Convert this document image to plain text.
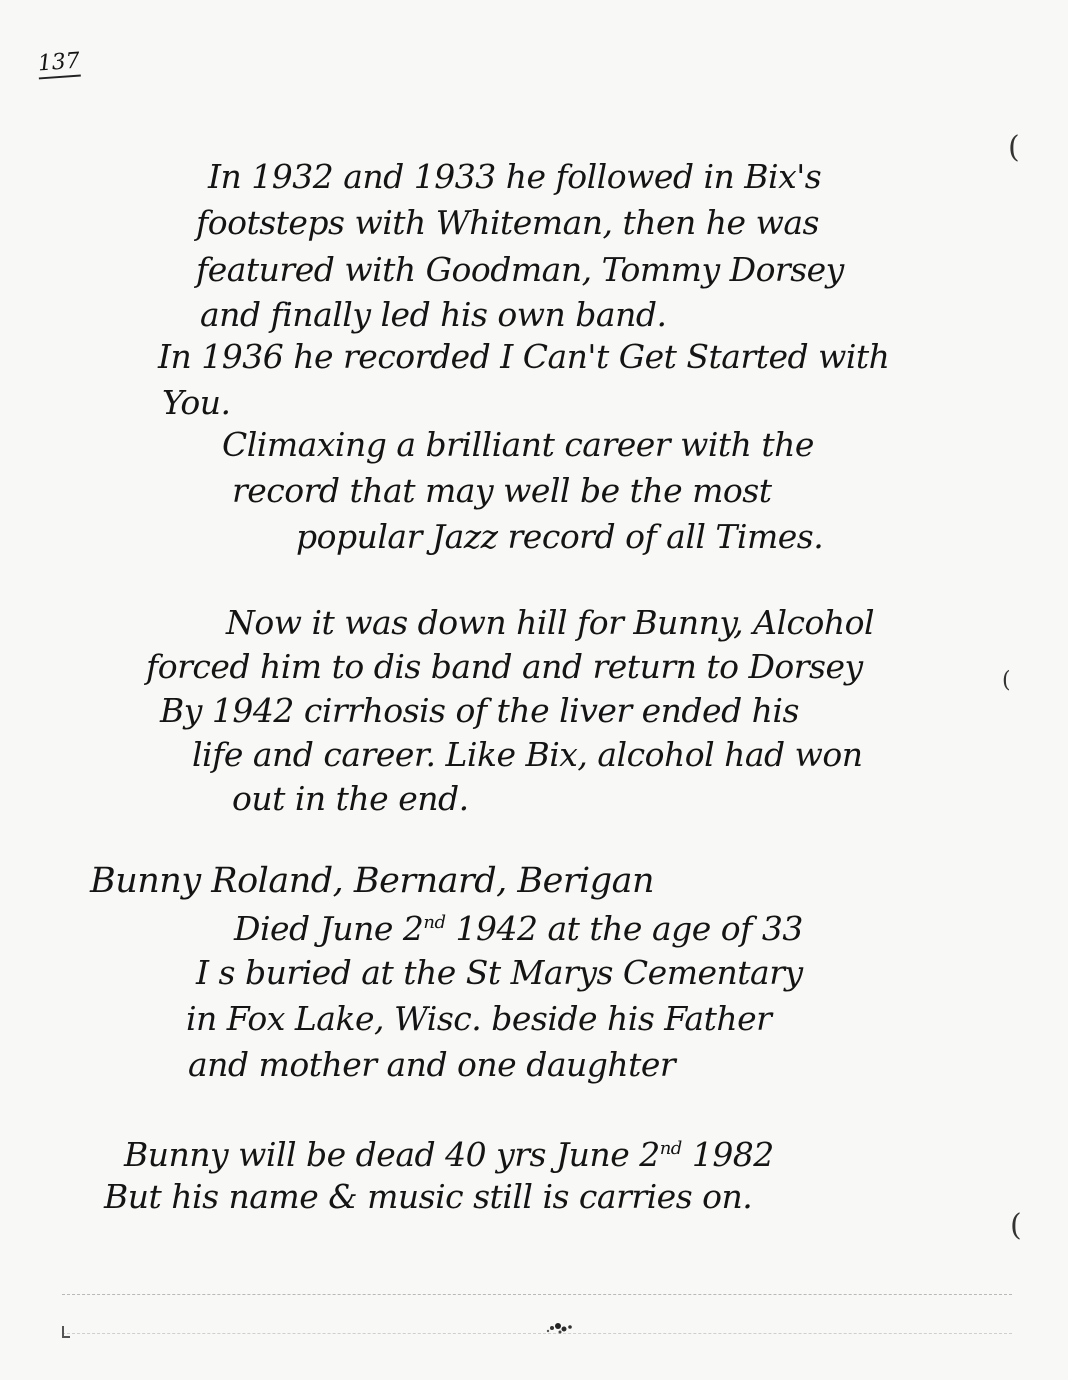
137
(
(
(
In 1932 and 1933 he followed in Bix's
footsteps with Whiteman, then he was
featured with Goodman, Tommy Dorsey
and finally led his own band.
In 1936 he recorded I Can't Get Started with
You.
Climaxing a brilliant career with the
record that may well be the most
popular Jazz record of all Times.
Now it was down hill for Bunny, Alcohol
forced him to dis band and return to Dorsey
By 1942 cirrhosis of the liver ended his
life and career. Like Bix, alcohol had won
out in the end.
Bunny Roland, Bernard, Berigan
Died June 2nd 1942 at the age of 33
I s buried at the St Marys Cementary
in Fox Lake, Wisc. beside his Father
and mother and one daughter
Bunny will be dead 40 yrs June 2nd 1982
But his name & music still is carries on.
